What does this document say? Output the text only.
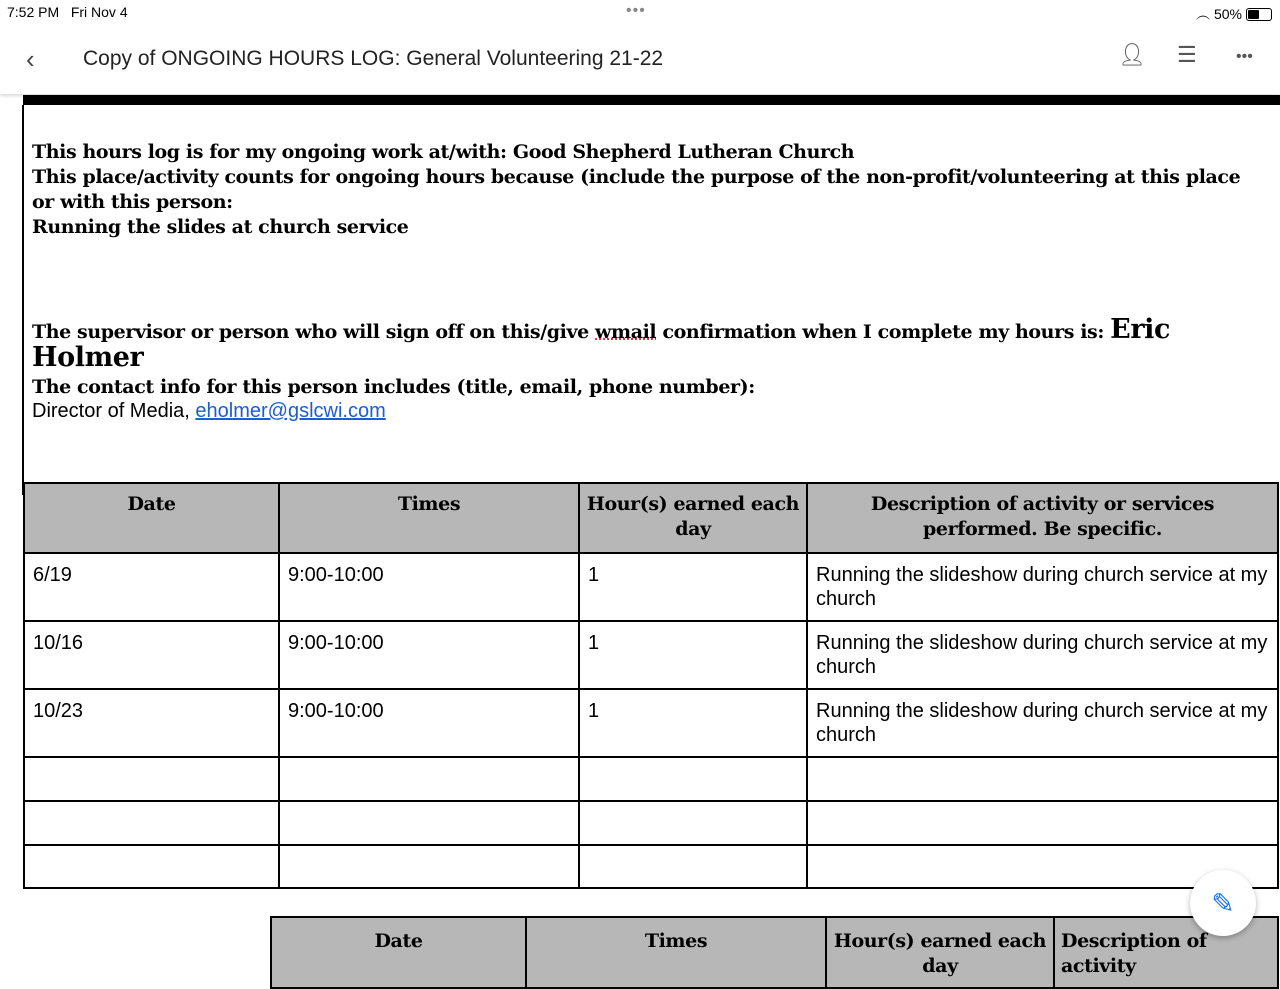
7:52 PM Fri Nov 4	•••	︵ 50%
‹ Copy of ONGOING HOURS LOG: General Volunteering 21-22	👤︎ ☰ •••
This hours log is for my ongoing work at/with: Good Shepherd Lutheran Church
This place/activity counts for ongoing hours because (include the purpose of the non-profit/volunteering at this place or with this person:
Running the slides at church service
The supervisor or person who will sign off on this/give wmail confirmation when I complete my hours is: Eric Holmer
The contact info for this person includes (title, email, phone number):
Director of Media, eholmer@gslcwi.com
Date	Times	Hour(s) earned each day	Description of activity or services performed. Be specific.
6/19	9:00-10:00	1	Running the slideshow during church service at my church
10/16	9:00-10:00	1	Running the slideshow during church service at my church
10/23	9:00-10:00	1	Running the slideshow during church service at my church

Date	Times	Hour(s) earned each day	Description of activity
✎
